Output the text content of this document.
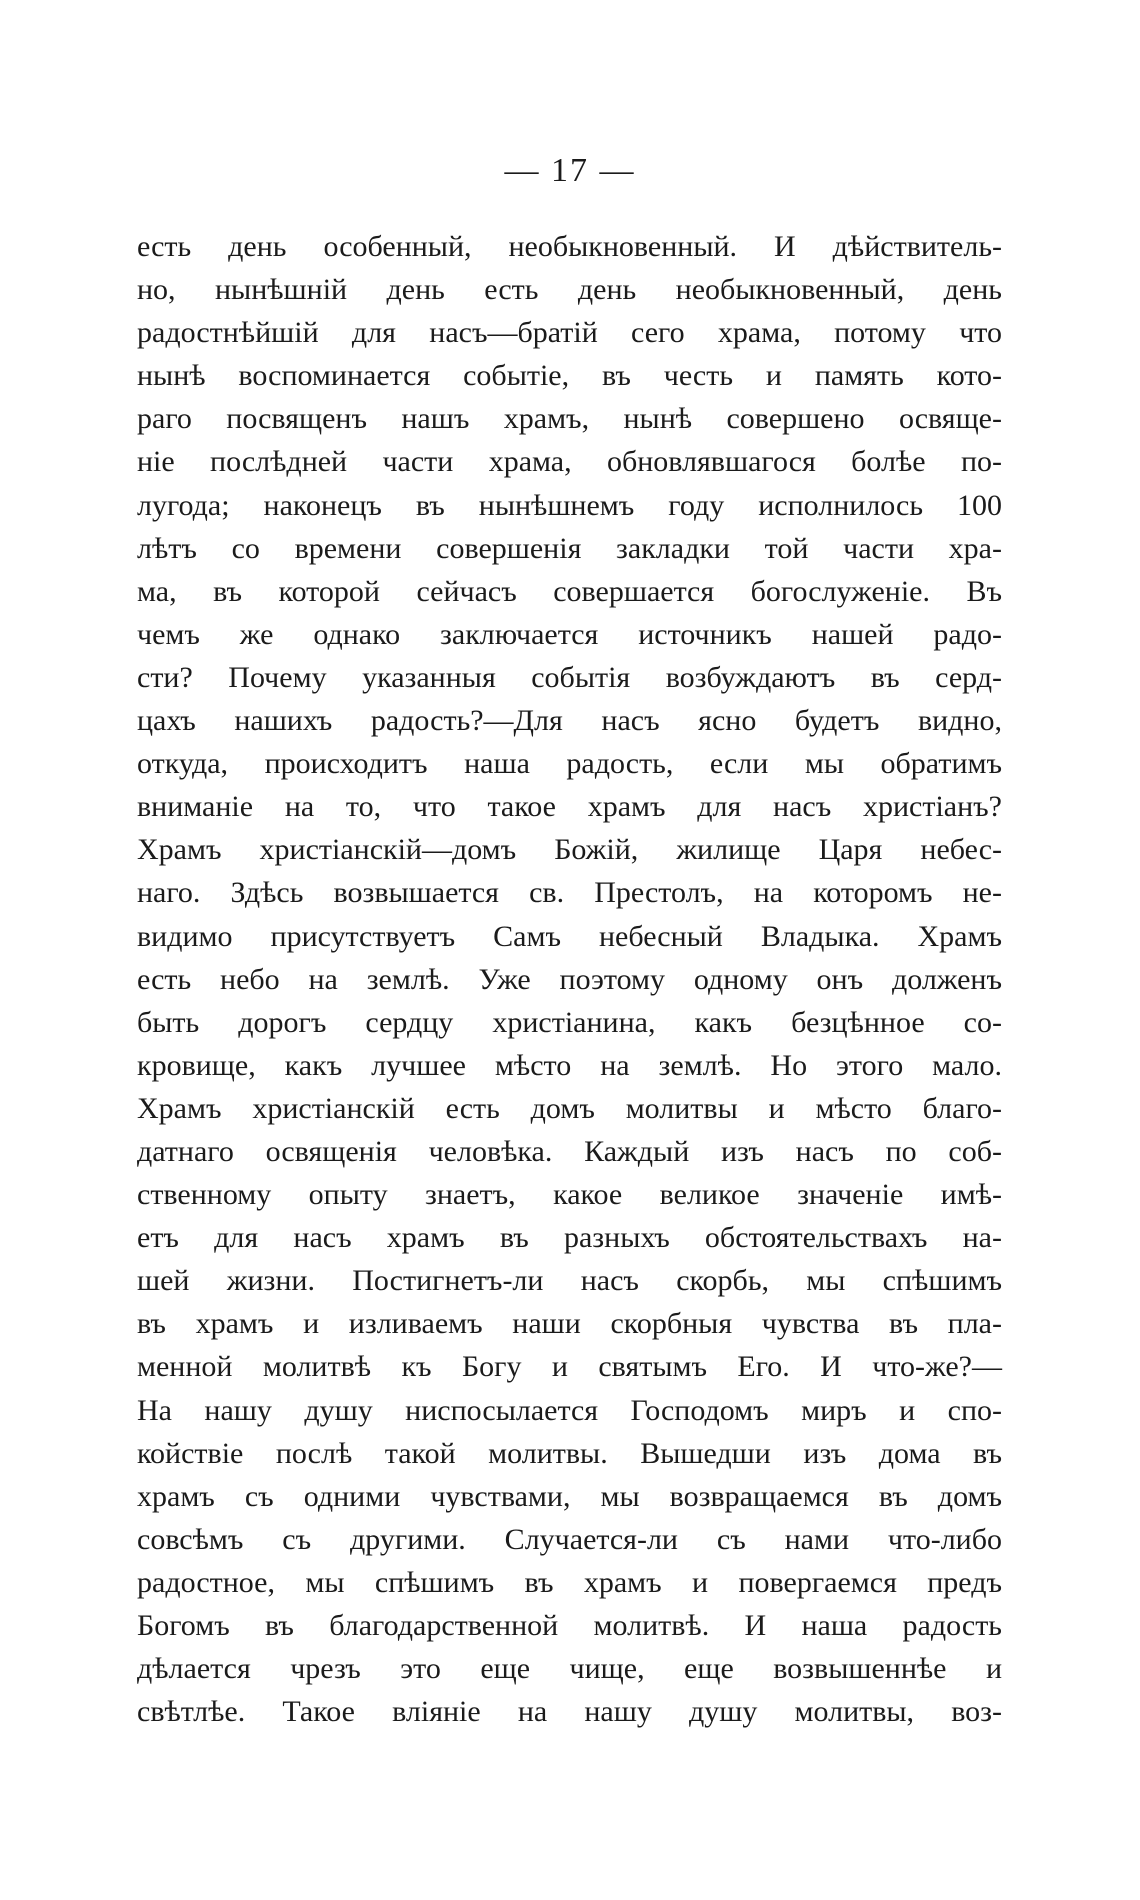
— 17 —
есть день особенный, необыкновенный. И дѣйствитель-
но, нынѣшній день есть день необыкновенный, день
радостнѣйшій для насъ—братій сего храма, потому что
нынѣ воспоминается событіе, въ честь и память кото-
раго посвященъ нашъ храмъ, нынѣ совершено освяще-
ніе послѣдней части храма, обновлявшагося болѣе по-
лугода; наконецъ въ нынѣшнемъ году исполнилось 100
лѣтъ со времени совершенія закладки той части хра-
ма, въ которой сейчасъ совершается богослуженіе. Въ
чемъ же однако заключается источникъ нашей радо-
сти? Почему указанныя событія возбуждаютъ въ серд-
цахъ нашихъ радость?—Для насъ ясно будетъ видно,
откуда, происходитъ наша радость, если мы обратимъ
вниманіе на то, что такое храмъ для насъ христіанъ?
Храмъ христіанскій—домъ Божій, жилище Царя небес-
наго. Здѣсь возвышается св. Престолъ, на которомъ не-
видимо присутствуетъ Самъ небесный Владыка. Храмъ
есть небо на землѣ. Уже поэтому одному онъ долженъ
быть дорогъ сердцу христіанина, какъ безцѣнное со-
кровище, какъ лучшее мѣсто на землѣ. Но этого мало.
Храмъ христіанскій есть домъ молитвы и мѣсто благо-
датнаго освященія человѣка. Каждый изъ насъ по соб-
ственному опыту знаетъ, какое великое значеніе имѣ-
етъ для насъ храмъ въ разныхъ обстоятельствахъ на-
шей жизни. Постигнетъ-ли насъ скорбь, мы спѣшимъ
въ храмъ и изливаемъ наши скорбныя чувства въ пла-
менной молитвѣ къ Богу и святымъ Его. И что-же?—
На нашу душу ниспосылается Господомъ миръ и спо-
койствіе послѣ такой молитвы. Вышедши изъ дома въ
храмъ съ одними чувствами, мы возвращаемся въ домъ
совсѣмъ съ другими. Случается-ли съ нами что-либо
радостное, мы спѣшимъ въ храмъ и повергаемся предъ
Богомъ въ благодарственной молитвѣ. И наша радость
дѣлается чрезъ это еще чище, еще возвышеннѣе и
свѣтлѣе. Такое вліяніе на нашу душу молитвы, воз-
